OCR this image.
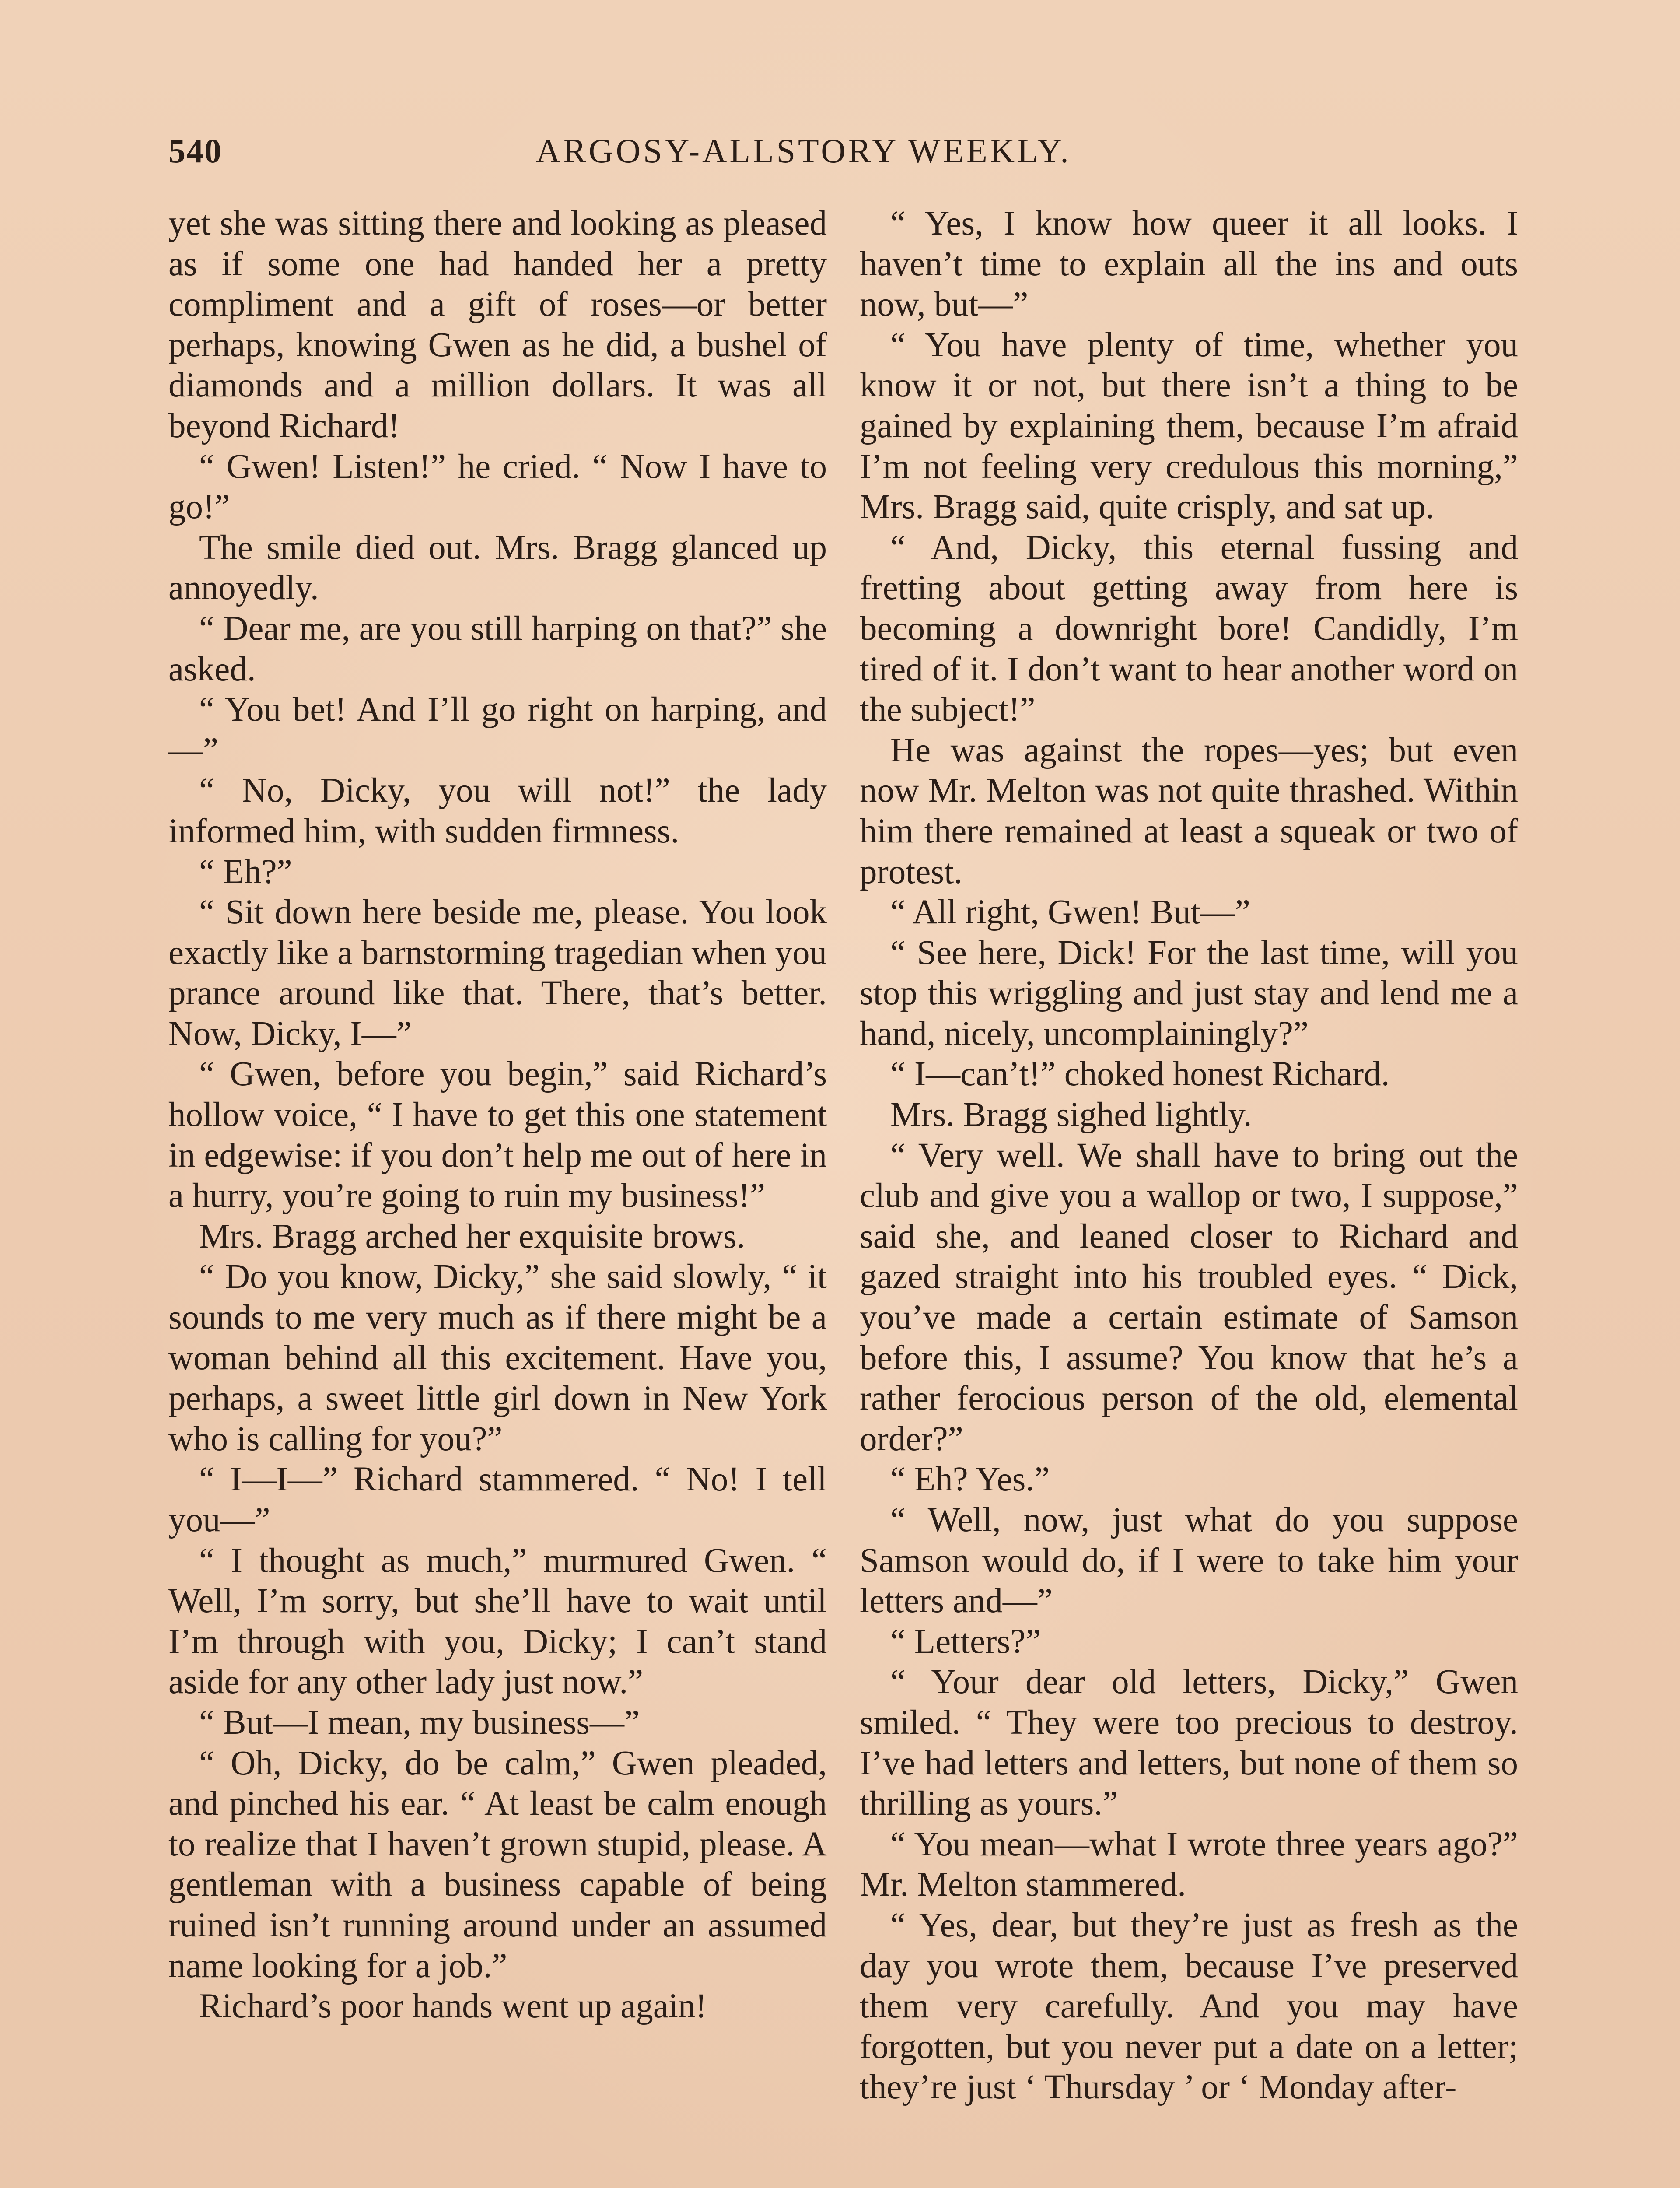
540	ARGOSY-ALLSTORY WEEKLY.

yet she was sitting there and looking as pleased as if some one had handed her a pretty compliment and a gift of roses—or better perhaps, knowing Gwen as he did, a bushel of diamonds and a million dollars. It was all beyond Richard!

“ Gwen! Listen!” he cried. “ Now I have to go!”

The smile died out. Mrs. Bragg glanced up annoyedly.

“ Dear me, are you still harping on that?” she asked.

“ You bet! And I’ll go right on harping, and—”

“ No, Dicky, you will not!” the lady informed him, with sudden firmness.

“ Eh?”

“ Sit down here beside me, please. You look exactly like a barnstorming tragedian when you prance around like that. There, that’s better. Now, Dicky, I—”

“ Gwen, before you begin,” said Richard’s hollow voice, “ I have to get this one statement in edgewise: if you don’t help me out of here in a hurry, you’re going to ruin my business!”

Mrs. Bragg arched her exquisite brows.

“ Do you know, Dicky,” she said slowly, “ it sounds to me very much as if there might be a woman behind all this excitement. Have you, perhaps, a sweet little girl down in New York who is calling for you?”

“ I—I—” Richard stammered. “ No! I tell you—”

“ I thought as much,” murmured Gwen. “ Well, I’m sorry, but she’ll have to wait until I’m through with you, Dicky; I can’t stand aside for any other lady just now.”

“ But—I mean, my business—”

“ Oh, Dicky, do be calm,” Gwen pleaded, and pinched his ear. “ At least be calm enough to realize that I haven’t grown stupid, please. A gentleman with a business capable of being ruined isn’t running around under an assumed name looking for a job.”

Richard’s poor hands went up again!

“ Yes, I know how queer it all looks. I haven’t time to explain all the ins and outs now, but—”

“ You have plenty of time, whether you know it or not, but there isn’t a thing to be gained by explaining them, because I’m afraid I’m not feeling very credulous this morning,” Mrs. Bragg said, quite crisply, and sat up.

“ And, Dicky, this eternal fussing and fretting about getting away from here is becoming a downright bore! Candidly, I’m tired of it. I don’t want to hear another word on the subject!”

He was against the ropes—yes; but even now Mr. Melton was not quite thrashed. Within him there remained at least a squeak or two of protest.

“ All right, Gwen! But—”

“ See here, Dick! For the last time, will you stop this wriggling and just stay and lend me a hand, nicely, uncomplainingly?”

“ I—can’t!” choked honest Richard.

Mrs. Bragg sighed lightly.

“ Very well. We shall have to bring out the club and give you a wallop or two, I suppose,” said she, and leaned closer to Richard and gazed straight into his troubled eyes. “ Dick, you’ve made a certain estimate of Samson before this, I assume? You know that he’s a rather ferocious person of the old, elemental order?”

“ Eh? Yes.”

“ Well, now, just what do you suppose Samson would do, if I were to take him your letters and—”

“ Letters?”

“ Your dear old letters, Dicky,” Gwen smiled. “ They were too precious to destroy. I’ve had letters and letters, but none of them so thrilling as yours.”

“ You mean—what I wrote three years ago?” Mr. Melton stammered.

“ Yes, dear, but they’re just as fresh as the day you wrote them, because I’ve preserved them very carefully. And you may have forgotten, but you never put a date on a letter; they’re just ‘ Thursday ’ or ‘ Monday after-
